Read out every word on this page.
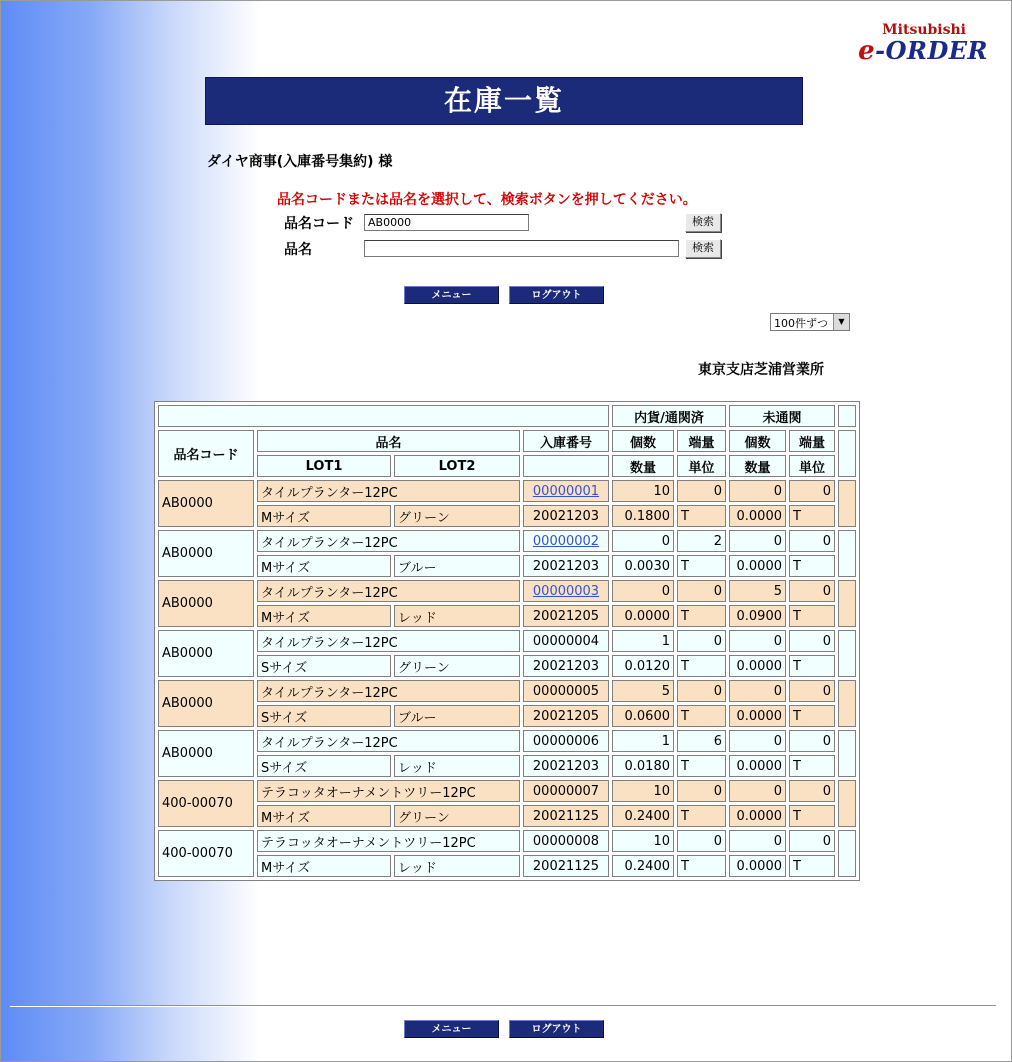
Mitsubishi
e-ORDER
在庫一覧
ダイヤ商事(入庫番号集約) 様
品名コードまたは品名を選択して、検索ボタンを押してください。
品名コード
AB0000	検索
品名	検索
メニュー	ログアウト
100件ずつ	▼
東京支店芝浦営業所
				内貨/通関済		未通関		
品名コード	品名		入庫番号	個数	端量	個数	端量	
	LOT1	LOT2		数量	単位	数量	単位	
AB0000	タイルプランター12PC		00000001	10	0	0	0	
	Mサイズ	グリーン	20021203	0.1800	T	0.0000	T	
AB0000	タイルプランター12PC		00000002	0	2	0	0	
	Mサイズ	ブルー	20021203	0.0030	T	0.0000	T	
AB0000	タイルプランター12PC		00000003	0	0	5	0	
	Mサイズ	レッド	20021205	0.0000	T	0.0900	T	
AB0000	タイルプランター12PC		00000004	1	0	0	0	
	Sサイズ	グリーン	20021203	0.0120	T	0.0000	T	
AB0000	タイルプランター12PC		00000005	5	0	0	0	
	Sサイズ	ブルー	20021205	0.0600	T	0.0000	T	
AB0000	タイルプランター12PC		00000006	1	6	0	0	
	Sサイズ	レッド	20021203	0.0180	T	0.0000	T	
400-00070	テラコッタオーナメントツリー12PC		00000007	10	0	0	0	
	Mサイズ	グリーン	20021125	0.2400	T	0.0000	T	
400-00070	テラコッタオーナメントツリー12PC		00000008	10	0	0	0	
	Mサイズ	レッド	20021125	0.2400	T	0.0000	T	
メニュー	ログアウト
